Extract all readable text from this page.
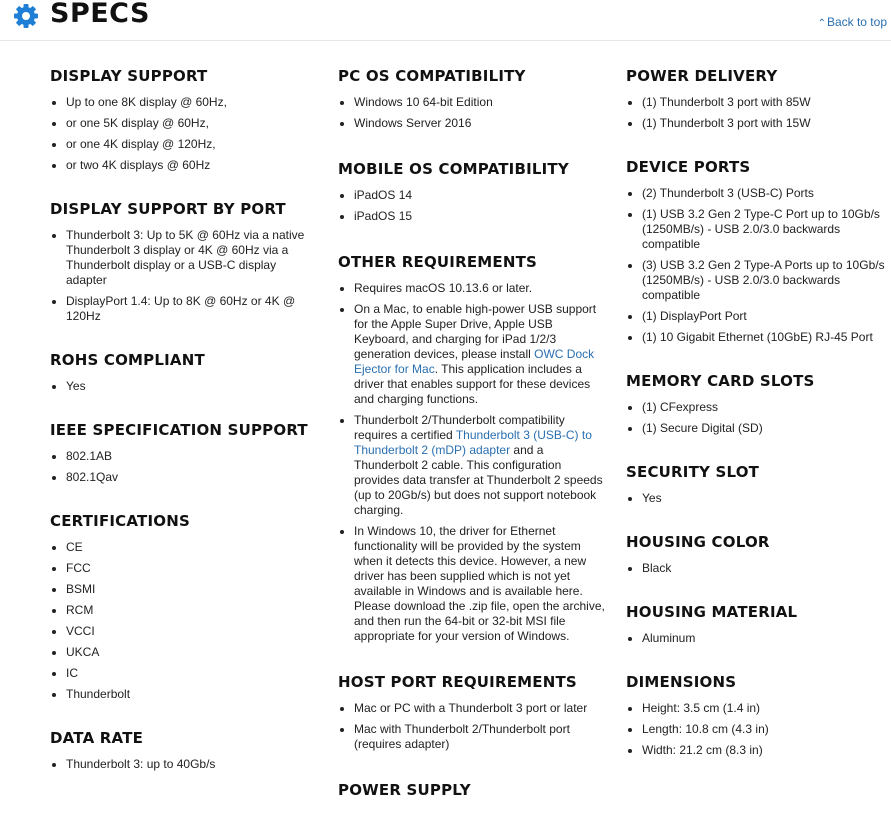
SPECS	⌃Back to top
DISPLAY SUPPORT
Up to one 8K display @ 60Hz,
or one 5K display @ 60Hz,
or one 4K display @ 120Hz,
or two 4K displays @ 60Hz
DISPLAY SUPPORT BY PORT
Thunderbolt 3: Up to 5K @ 60Hz via a native Thunderbolt 3 display or 4K @ 60Hz via a Thunderbolt display or a USB-C display adapter
DisplayPort 1.4: Up to 8K @ 60Hz or 4K @ 120Hz
ROHS COMPLIANT
Yes
IEEE SPECIFICATION SUPPORT
802.1AB
802.1Qav
CERTIFICATIONS
CE
FCC
BSMI
RCM
VCCI
UKCA
IC
Thunderbolt
DATA RATE
Thunderbolt 3: up to 40Gb/s
PC OS COMPATIBILITY
Windows 10 64-bit Edition
Windows Server 2016
MOBILE OS COMPATIBILITY
iPadOS 14
iPadOS 15
OTHER REQUIREMENTS
Requires macOS 10.13.6 or later.
On a Mac, to enable high-power USB support for the Apple Super Drive, Apple USB Keyboard, and charging for iPad 1/2/3 generation devices, please install OWC Dock Ejector for Mac. This application includes a driver that enables support for these devices and charging functions.
Thunderbolt 2/Thunderbolt compatibility requires a certified Thunderbolt 3 (USB-C) to Thunderbolt 2 (mDP) adapter and a Thunderbolt 2 cable. This configuration provides data transfer at Thunderbolt 2 speeds (up to 20Gb/s) but does not support notebook charging.
In Windows 10, the driver for Ethernet functionality will be provided by the system when it detects this device. However, a new driver has been supplied which is not yet available in Windows and is available here. Please download the .zip file, open the archive, and then run the 64-bit or 32-bit MSI file appropriate for your version of Windows.
HOST PORT REQUIREMENTS
Mac or PC with a Thunderbolt 3 port or later
Mac with Thunderbolt 2/Thunderbolt port (requires adapter)
POWER SUPPLY
POWER DELIVERY
(1) Thunderbolt 3 port with 85W
(1) Thunderbolt 3 port with 15W
DEVICE PORTS
(2) Thunderbolt 3 (USB-C) Ports
(1) USB 3.2 Gen 2 Type-C Port up to 10Gb/s (1250MB/s) - USB 2.0/3.0 backwards compatible
(3) USB 3.2 Gen 2 Type-A Ports up to 10Gb/s (1250MB/s) - USB 2.0/3.0 backwards compatible
(1) DisplayPort Port
(1) 10 Gigabit Ethernet (10GbE) RJ-45 Port
MEMORY CARD SLOTS
(1) CFexpress
(1) Secure Digital (SD)
SECURITY SLOT
Yes
HOUSING COLOR
Black
HOUSING MATERIAL
Aluminum
DIMENSIONS
Height: 3.5 cm (1.4 in)
Length: 10.8 cm (4.3 in)
Width: 21.2 cm (8.3 in)
